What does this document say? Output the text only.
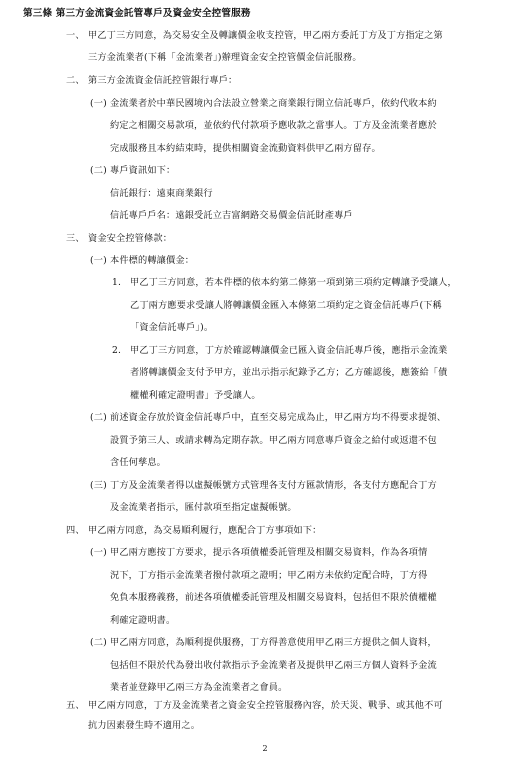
第三條 第三方金流資金託管專戶及資金安全控管服務
一、 甲乙丁三方同意，為交易安全及轉讓價金收支控管，甲乙兩方委託丁方及丁方指定之第
三方金流業者(下稱「金流業者」)辦理資金安全控管價金信託服務。
二、 第三方金流資金信託控管銀行專戶：
(一) 金流業者於中華民國境內合法設立營業之商業銀行開立信託專戶，依約代收本約
約定之相關交易款項，並依約代付款項予應收款之當事人。丁方及金流業者應於
完成服務且本約結束時，提供相關資金流動資料供甲乙兩方留存。
(二) 專戶資訊如下：
信託銀行：遠東商業銀行
信託專戶戶名：遠銀受託立吉富網路交易價金信託財產專戶
三、 資金安全控管條款：
(一) 本件標的轉讓價金：
1. 甲乙丁三方同意，若本件標的依本約第二條第一項到第三項約定轉讓予受讓人，
乙丁兩方應要求受讓人將轉讓價金匯入本條第二項約定之資金信託專戶(下稱
「資金信託專戶」)。
2. 甲乙丁三方同意，丁方於確認轉讓價金已匯入資金信託專戶後，應指示金流業
者將轉讓價金支付予甲方，並出示指示紀錄予乙方；乙方確認後，應簽給「債
權權利確定證明書」予受讓人。
(二) 前述資金存放於資金信託專戶中，直至交易完成為止，甲乙兩方均不得要求提領、
設質予第三人、或請求轉為定期存款。甲乙兩方同意專戶資金之給付或返還不包
含任何孳息。
(三) 丁方及金流業者得以虛擬帳號方式管理各支付方匯款情形，各支付方應配合丁方
及金流業者指示，匯付款項至指定虛擬帳號。
四、 甲乙兩方同意，為交易順利履行，應配合丁方事項如下：
(一) 甲乙兩方應按丁方要求，提示各項債權委託管理及相關交易資料，作為各項情
況下，丁方指示金流業者撥付款項之證明；甲乙兩方未依約定配合時，丁方得
免負本服務義務，前述各項債權委託管理及相關交易資料，包括但不限於債權權
利確定證明書。
(二) 甲乙兩方同意，為順利提供服務，丁方得善意使用甲乙兩三方提供之個人資料，
包括但不限於代為發出收付款指示予金流業者及提供甲乙兩三方個人資料予金流
業者並登錄甲乙兩三方為金流業者之會員。
五、 甲乙兩方同意，丁方及金流業者之資金安全控管服務內容，於天災、戰爭、或其他不可
抗力因素發生時不適用之。
2
